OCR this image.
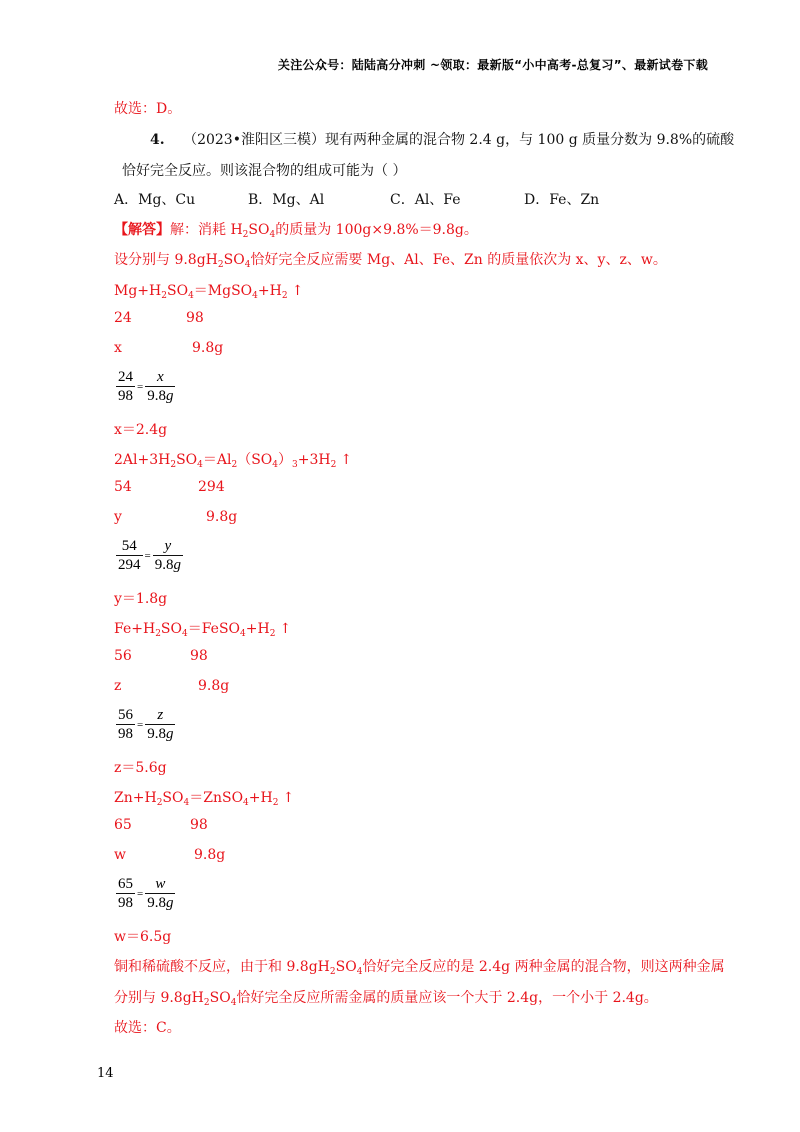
关注公众号：陆陆高分冲刺 ~领取：最新版“小中高考-总复习”、最新试卷下载
故选：D。
4. （2023•淮阳区三模）现有两种金属的混合物 2.4 g，与 100 g 质量分数为 9.8%的硫酸
恰好完全反应。则该混合物的组成可能为（ ）
A．Mg、Cu	B．Mg、Al	C．Al、Fe	D．Fe、Zn
【解答】解：消耗 $H_2SO_4$的质量为 100g×9.8%＝9.8g。
设分别与 $9.8gH_2SO_4$恰好完全反应需要 Mg、Al、Fe、Zn 的质量依次为 x、y、z、w。
$Mg+H_2SO_4=MgSO_4+H_2$ ↑
24	98
x	9.8g
$\frac{24}{98} = \frac{x}{9.8g}$
x＝2.4g
$2Al+3H_2SO_4=Al_2(SO_4)_3+3H_2$ ↑
54	294
y	9.8g
$\frac{54}{294} = \frac{y}{9.8g}$
y＝1.8g
$Fe+H_2SO_4=FeSO_4+H_2$ ↑
56	98
z	9.8g
$\frac{56}{98} = \frac{z}{9.8g}$
z＝5.6g
$Zn+H_2SO_4=ZnSO_4+H_2$ ↑
65	98
w	9.8g
$\frac{65}{98} = \frac{w}{9.8g}$
w＝6.5g
铜和稀硫酸不反应，由于和 $9.8gH_2SO_4$恰好完全反应的是 2.4g 两种金属的混合物，则这两种金属
分别与 $9.8gH_2SO_4$恰好完全反应所需金属的质量应该一个大于 2.4g，一个小于 2.4g。
故选：C。
14
